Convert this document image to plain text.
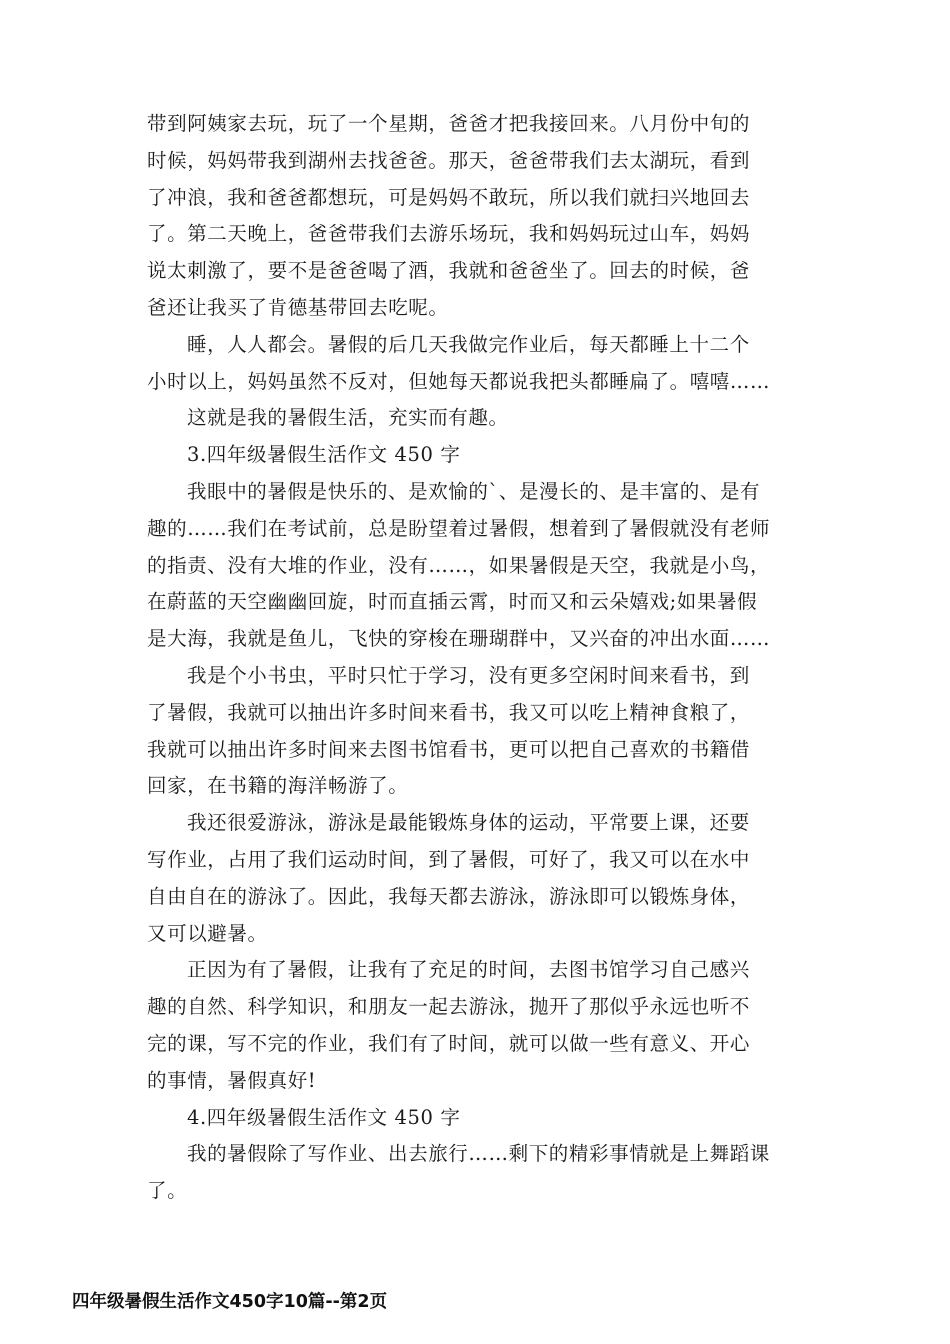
带到阿姨家去玩，玩了一个星期，爸爸才把我接回来。八月份中旬的
时候，妈妈带我到湖州去找爸爸。那天，爸爸带我们去太湖玩，看到
了冲浪，我和爸爸都想玩，可是妈妈不敢玩，所以我们就扫兴地回去
了。第二天晚上，爸爸带我们去游乐场玩，我和妈妈玩过山车，妈妈
说太刺激了，要不是爸爸喝了酒，我就和爸爸坐了。回去的时候，爸
爸还让我买了肯德基带回去吃呢。
睡，人人都会。暑假的后几天我做完作业后，每天都睡上十二个
小时以上，妈妈虽然不反对，但她每天都说我把头都睡扁了。嘻嘻……
这就是我的暑假生活，充实而有趣。
3.四年级暑假生活作文 450 字
我眼中的暑假是快乐的、是欢愉的`、是漫长的、是丰富的、是有
趣的……我们在考试前，总是盼望着过暑假，想着到了暑假就没有老师
的指责、没有大堆的作业，没有……，如果暑假是天空，我就是小鸟，
在蔚蓝的天空幽幽回旋，时而直插云霄，时而又和云朵嬉戏;如果暑假
是大海，我就是鱼儿，飞快的穿梭在珊瑚群中，又兴奋的冲出水面……
我是个小书虫，平时只忙于学习，没有更多空闲时间来看书，到
了暑假，我就可以抽出许多时间来看书，我又可以吃上精神食粮了，
我就可以抽出许多时间来去图书馆看书，更可以把自己喜欢的书籍借
回家，在书籍的海洋畅游了。
我还很爱游泳，游泳是最能锻炼身体的运动，平常要上课，还要
写作业，占用了我们运动时间，到了暑假，可好了，我又可以在水中
自由自在的游泳了。因此，我每天都去游泳，游泳即可以锻炼身体，
又可以避暑。
正因为有了暑假，让我有了充足的时间，去图书馆学习自己感兴
趣的自然、科学知识，和朋友一起去游泳，抛开了那似乎永远也听不
完的课，写不完的作业，我们有了时间，就可以做一些有意义、开心
的事情，暑假真好!
4.四年级暑假生活作文 450 字
我的暑假除了写作业、出去旅行……剩下的精彩事情就是上舞蹈课
了。
四年级暑假生活作文450字10篇--第2页
